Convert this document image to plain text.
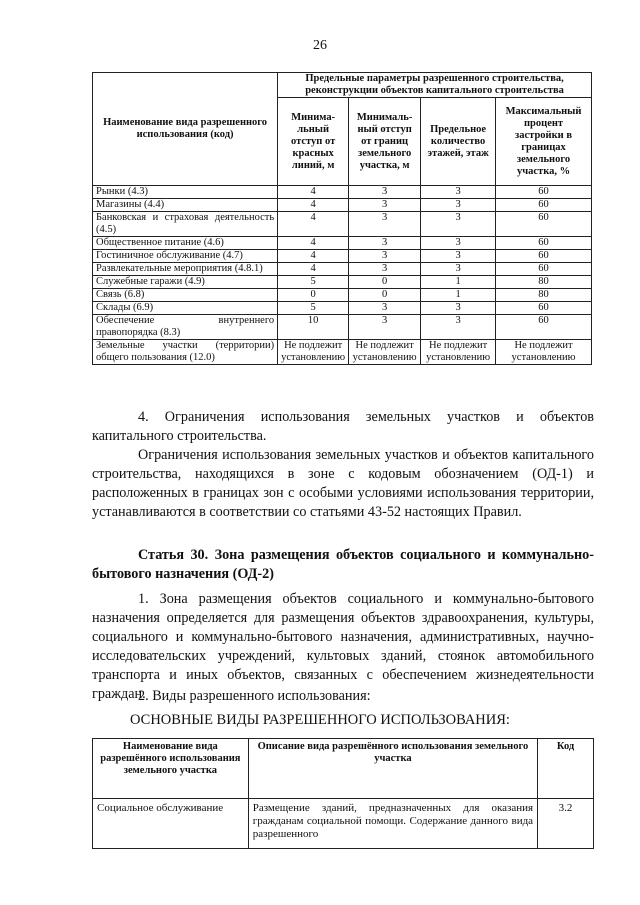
26
Наименование вида разрешенного использования (код)	Предельные параметры разрешенного строительства, реконструкции объектов капитального строительства			
	Минима-льный отступ от красных линий, м	Минималь-ный отступ от границ земельного участка, м	Предельное количество этажей, этаж	Максимальный процент застройки в границах земельного участка, %
Рынки (4.3)	4	3	3	60
Магазины (4.4)	4	3	3	60
Банковская и страховая деятельность (4.5)	4	3	3	60
Общественное питание (4.6)	4	3	3	60
Гостиничное обслуживание (4.7)	4	3	3	60
Развлекательные мероприятия (4.8.1)	4	3	3	60
Служебные гаражи (4.9)	5	0	1	80
Связь (6.8)	0	0	1	80
Склады (6.9)	5	3	3	60
Обеспечение внутреннего правопорядка (8.3)	10	3	3	60
Земельные участки (территории) общего пользования (12.0)	Не подлежит установлению	Не подлежит установлению	Не подлежит установлению	Не подлежит установлению
4. Ограничения использования земельных участков и объектов капитального строительства.
Ограничения использования земельных участков и объектов капитального строительства, находящихся в зоне с кодовым обозначением (ОД-1) и расположенных в границах зон с особыми условиями использования территории, устанавливаются в соответствии со статьями 43-52 настоящих Правил.
Статья 30. Зона размещения объектов социального и коммунально-бытового назначения (ОД-2)
1. Зона размещения объектов социального и коммунально-бытового назначения определяется для размещения объектов здравоохранения, культуры, социального и коммунально-бытового назначения, административных, научно-исследовательских учреждений, культовых зданий, стоянок автомобильного транспорта и иных объектов, связанных с обеспечением жизнедеятельности граждан.
2. Виды разрешенного использования:
ОСНОВНЫЕ ВИДЫ РАЗРЕШЕННОГО ИСПОЛЬЗОВАНИЯ:
Наименование вида разрешённого использования земельного участка	Описание вида разрешённого использования земельного участка	Код
Социальное обслуживание	Размещение зданий, предназначенных для оказания гражданам социальной помощи. Содержание данного вида разрешенного	3.2
